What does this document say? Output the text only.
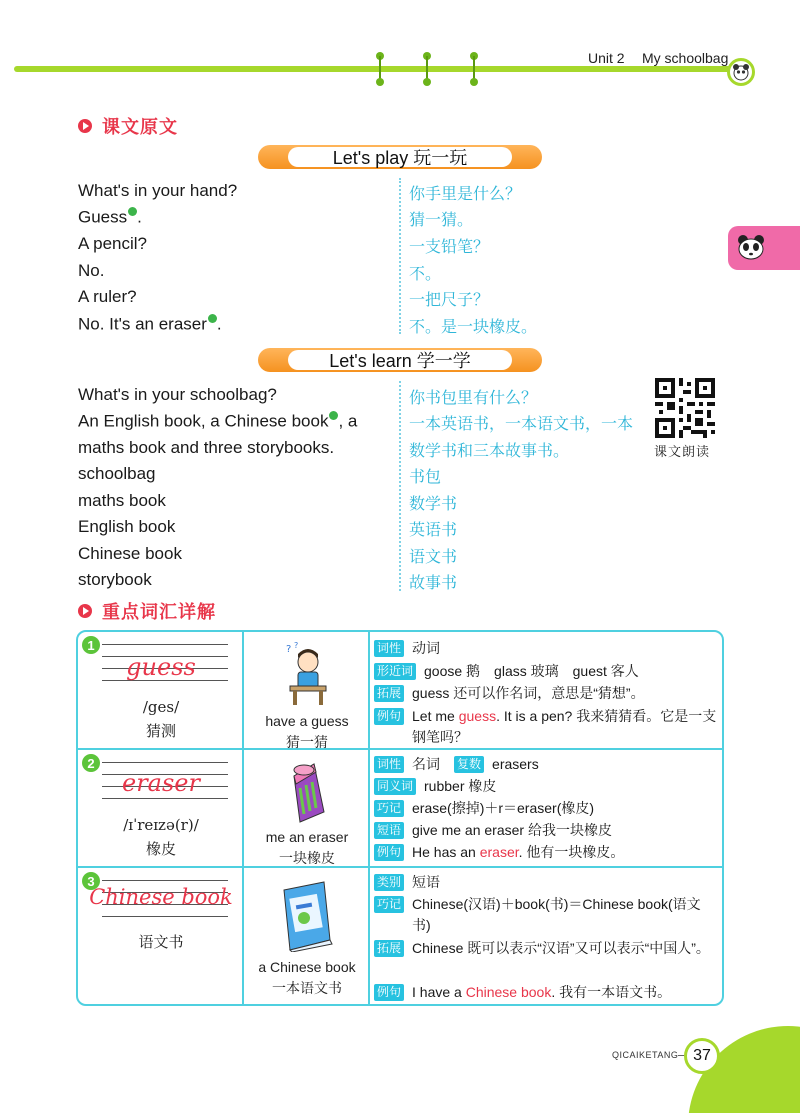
Unit 2 My schoolbag
课文原文
Let's play 玩一玩
What's in your hand?	你手里是什么？
Guess .	猜一猜。
A pencil?	一支铅笔？
No.	不。
A ruler?	一把尺子？
No. It's an eraser .	不。是一块橡皮。
Let's learn 学一学
What's in your schoolbag?	你书包里有什么？
An English book, a Chinese book , a	一本英语书，一本语文书，一本
maths book and three storybooks.	数学书和三本故事书。
schoolbag	书包
maths book	数学书
English book	英语书
Chinese book	语文书
storybook	故事书
课文朗读
重点词汇详解
1
guess
/ges/
猜测
? ?
have a guess
猜一猜
词性 动词
形近词 goose 鹅　glass 玻璃　guest 客人
拓展 guess 还可以作名词，意思是“猜想”。
例句 Let me guess. It is a pen? 我来猜猜看。它是一支钢笔吗？
2
eraser
/ɪˈreɪzə(r)/
橡皮
me an eraser
一块橡皮
词性 名词 复数 erasers
同义词 rubber 橡皮
巧记 erase(擦掉)＋r＝eraser(橡皮)
短语 give me an eraser 给我一块橡皮
例句 He has an eraser. 他有一块橡皮。
3
Chinese book
语文书
a Chinese book
一本语文书
类别 短语
巧记 Chinese(汉语)＋book(书)＝Chinese book(语文书)
拓展 Chinese 既可以表示“汉语”又可以表示“中国人”。
例句 I have a Chinese book. 我有一本语文书。
QICAIKETANG 37
